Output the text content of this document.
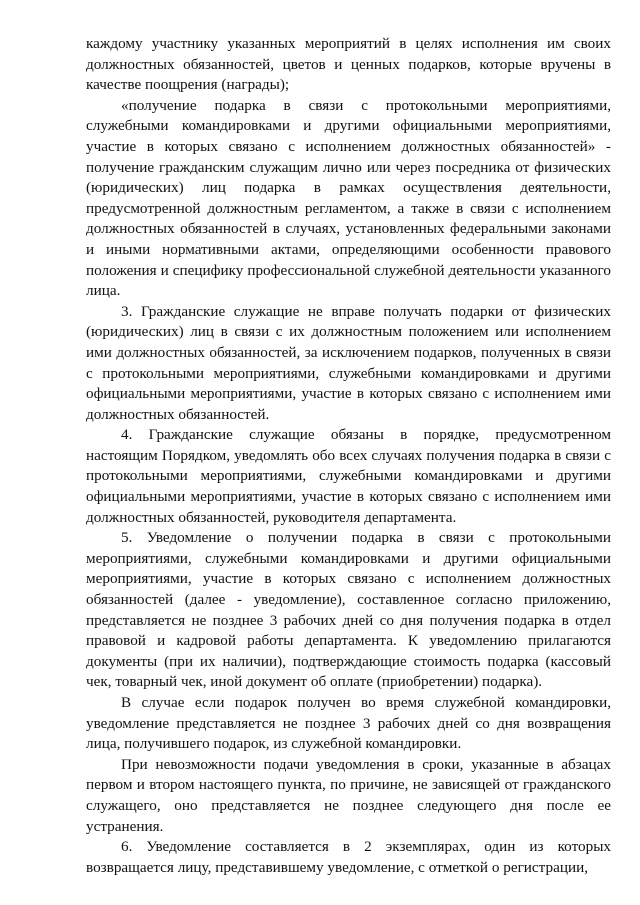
каждому участнику указанных мероприятий в целях исполнения им своих должностных обязанностей, цветов и ценных подарков, которые вручены в качестве поощрения (награды);

«получение подарка в связи с протокольными мероприятиями, служебными командировками и другими официальными мероприятиями, участие в которых связано с исполнением должностных обязанностей» - получение гражданским служащим лично или через посредника от физических (юридических) лиц подарка в рамках осуществления деятельности, предусмотренной должностным регламентом, а также в связи с исполнением должностных обязанностей в случаях, установленных федеральными законами и иными нормативными актами, определяющими особенности правового положения и специфику профессиональной служебной деятельности указанного лица.

3. Гражданские служащие не вправе получать подарки от физических (юридических) лиц в связи с их должностным положением или исполнением ими должностных обязанностей, за исключением подарков, полученных в связи с протокольными мероприятиями, служебными командировками и другими официальными мероприятиями, участие в которых связано с исполнением ими должностных обязанностей.

4. Гражданские служащие обязаны в порядке, предусмотренном настоящим Порядком, уведомлять обо всех случаях получения подарка в связи с протокольными мероприятиями, служебными командировками и другими официальными мероприятиями, участие в которых связано с исполнением ими должностных обязанностей, руководителя департамента.

5. Уведомление о получении подарка в связи с протокольными мероприятиями, служебными командировками и другими официальными мероприятиями, участие в которых связано с исполнением должностных обязанностей (далее - уведомление), составленное согласно приложению, представляется не позднее 3 рабочих дней со дня получения подарка в отдел правовой и кадровой работы департамента. К уведомлению прилагаются документы (при их наличии), подтверждающие стоимость подарка (кассовый чек, товарный чек, иной документ об оплате (приобретении) подарка).

В случае если подарок получен во время служебной командировки, уведомление представляется не позднее 3 рабочих дней со дня возвращения лица, получившего подарок, из служебной командировки.

При невозможности подачи уведомления в сроки, указанные в абзацах первом и втором настоящего пункта, по причине, не зависящей от гражданского служащего, оно представляется не позднее следующего дня после ее устранения.

6. Уведомление составляется в 2 экземплярах, один из которых возвращается лицу, представившему уведомление, с отметкой о регистрации,
